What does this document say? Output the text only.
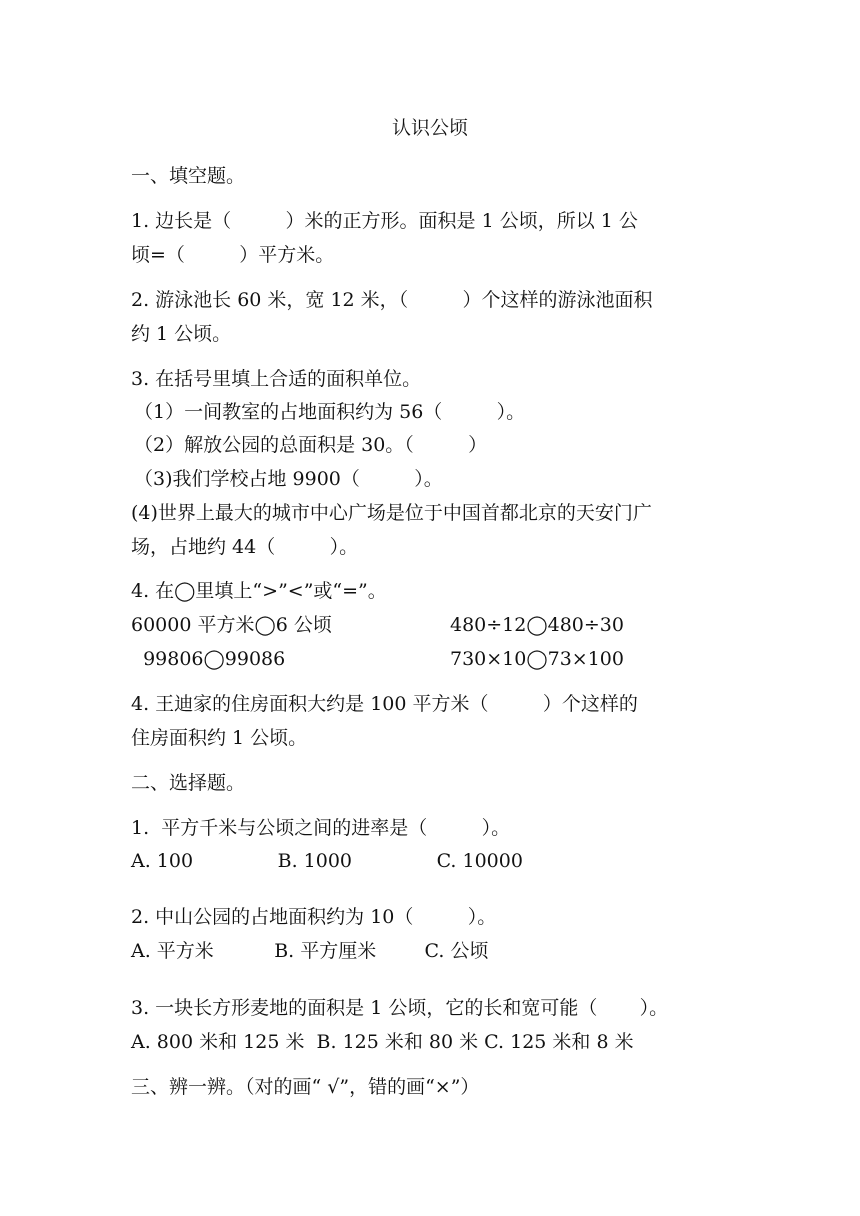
认识公顷
一、填空题。
1. 边长是（         ）米的正方形。面积是 1 公顷，所以 1 公
顷=（         ）平方米。
2. 游泳池长 60 米，宽 12 米，（         ）个这样的游泳池面积
约 1 公顷。
3. 在括号里填上合适的面积单位。
（1）一间教室的占地面积约为 56（         ）。
（2）解放公园的总面积是 30。（         ）
（3)我们学校占地 9900（         ）。
(4)世界上最大的城市中心广场是位于中国首都北京的天安门广
场，占地约 44（         ）。
4. 在◯里填上“>”<”或“=”。
60000 平方米◯6 公顷	480÷12◯480÷30
99806◯99086	730×10◯73×100
4. 王迪家的住房面积大约是 100 平方米（         ）个这样的
住房面积约 1 公顷。
二、选择题。
1.  平方千米与公顷之间的进率是（         ）。
A. 100              B. 1000              C. 10000
2. 中山公园的占地面积约为 10（         ）。
A. 平方米          B. 平方厘米        C. 公顷
3. 一块长方形麦地的面积是 1 公顷，它的长和宽可能（       ）。
A. 800 米和 125 米  B. 125 米和 80 米 C. 125 米和 8 米
三、辨一辨。（对的画“ √”，错的画“×”）
